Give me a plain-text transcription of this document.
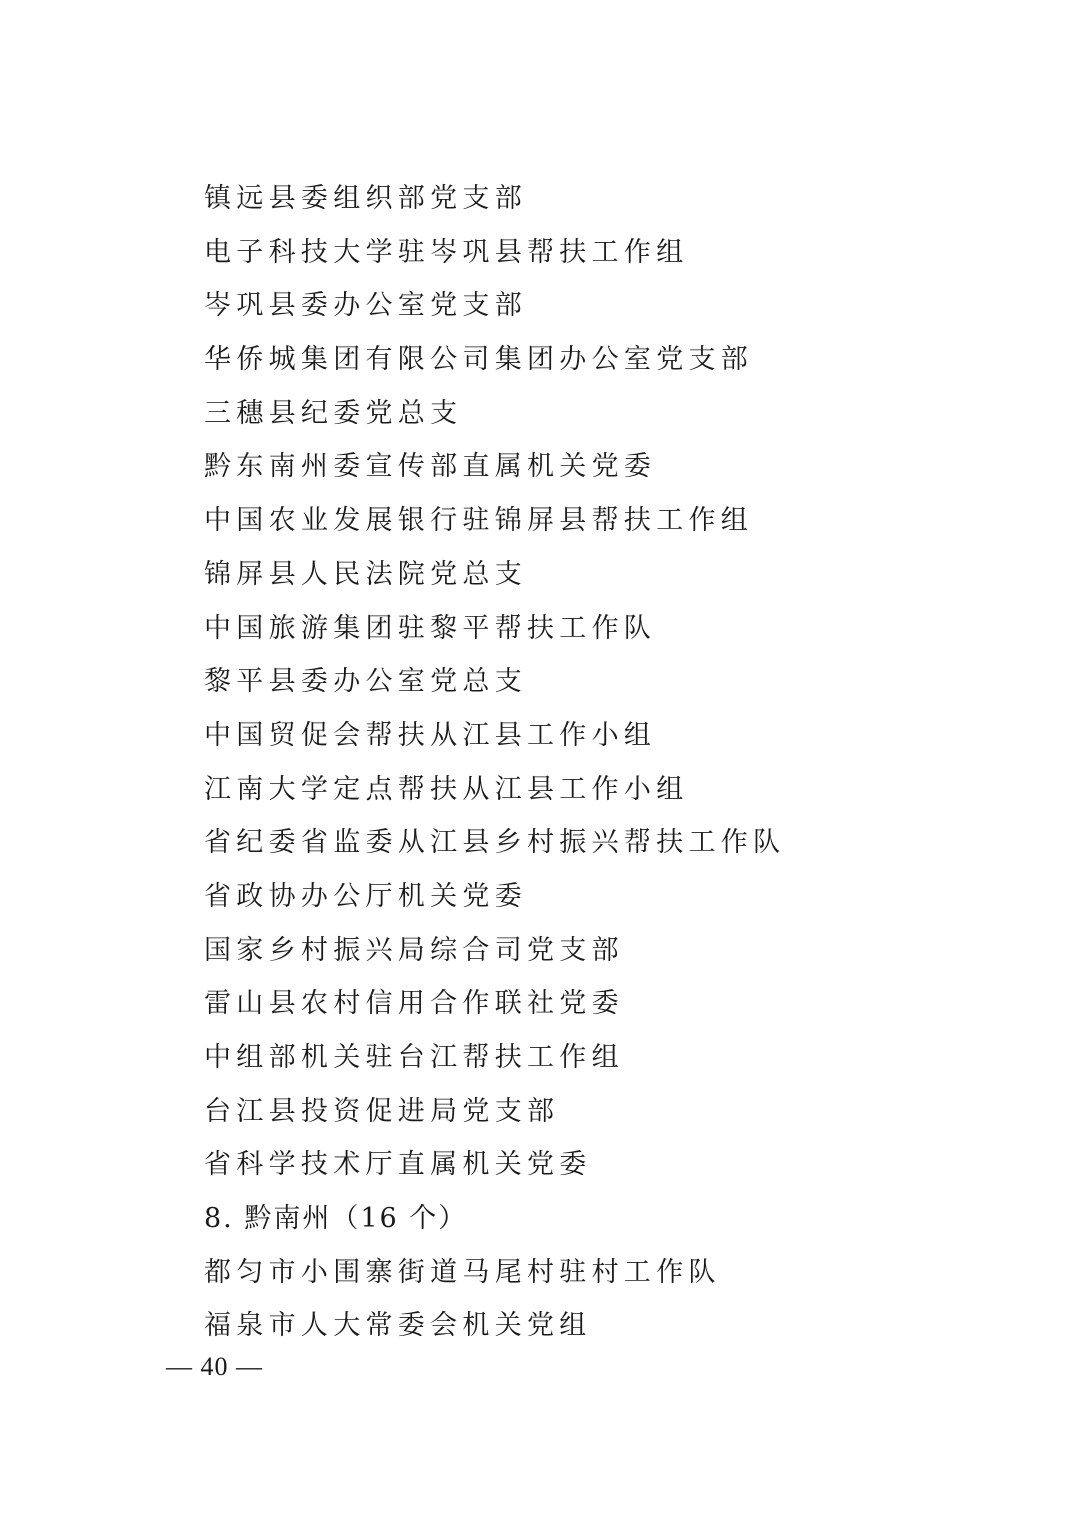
镇远县委组织部党支部
电子科技大学驻岑巩县帮扶工作组
岑巩县委办公室党支部
华侨城集团有限公司集团办公室党支部
三穗县纪委党总支
黔东南州委宣传部直属机关党委
中国农业发展银行驻锦屏县帮扶工作组
锦屏县人民法院党总支
中国旅游集团驻黎平帮扶工作队
黎平县委办公室党总支
中国贸促会帮扶从江县工作小组
江南大学定点帮扶从江县工作小组
省纪委省监委从江县乡村振兴帮扶工作队
省政协办公厅机关党委
国家乡村振兴局综合司党支部
雷山县农村信用合作联社党委
中组部机关驻台江帮扶工作组
台江县投资促进局党支部
省科学技术厅直属机关党委
8. 黔南州（16 个）
都匀市小围寨街道马尾村驻村工作队
福泉市人大常委会机关党组
— 40 —
